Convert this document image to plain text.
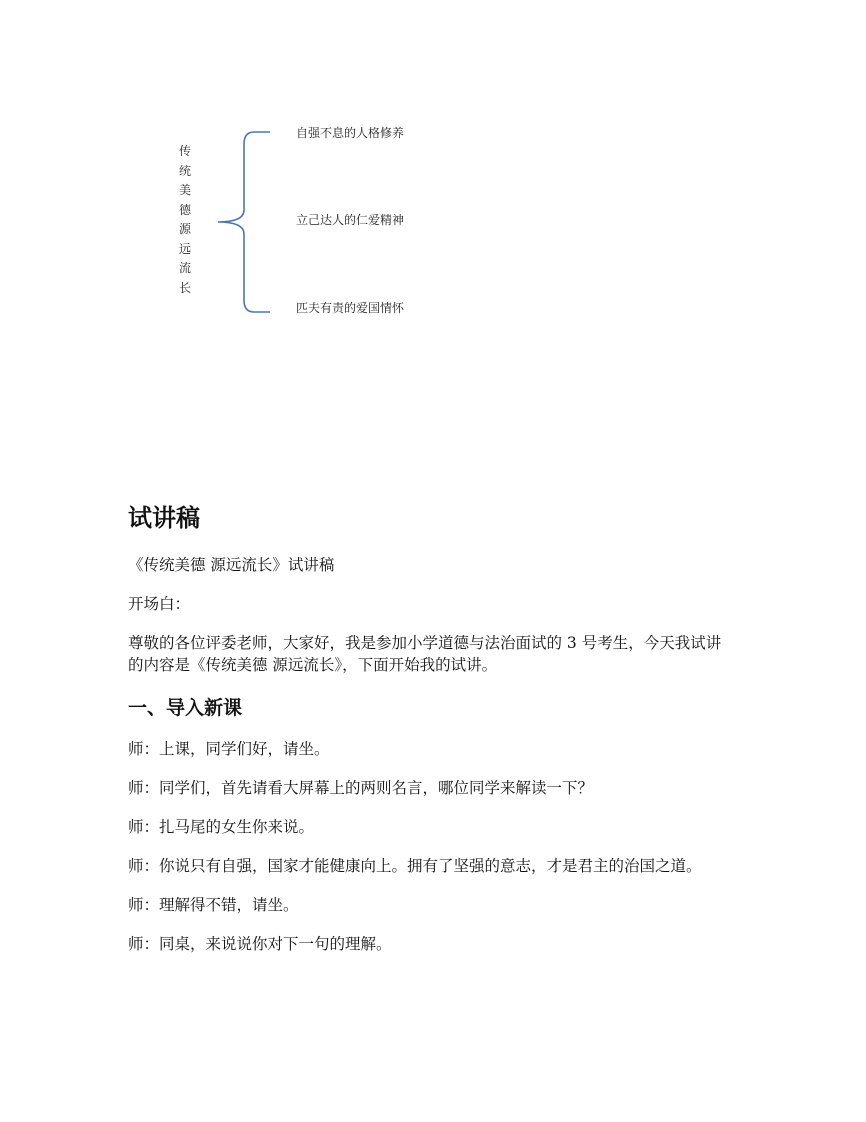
传统美德源远流长
自强不息的人格修养
立己达人的仁爱精神
匹夫有责的爱国情怀
试讲稿
《传统美德 源远流长》试讲稿
开场白：
尊敬的各位评委老师，大家好，我是参加小学道德与法治面试的 3 号考生，今天我试讲的内容是《传统美德 源远流长》，下面开始我的试讲。
一、导入新课
师：上课，同学们好，请坐。
师：同学们，首先请看大屏幕上的两则名言，哪位同学来解读一下？
师：扎马尾的女生你来说。
师：你说只有自强，国家才能健康向上。拥有了坚强的意志，才是君主的治国之道。
师：理解得不错，请坐。
师：同桌，来说说你对下一句的理解。
